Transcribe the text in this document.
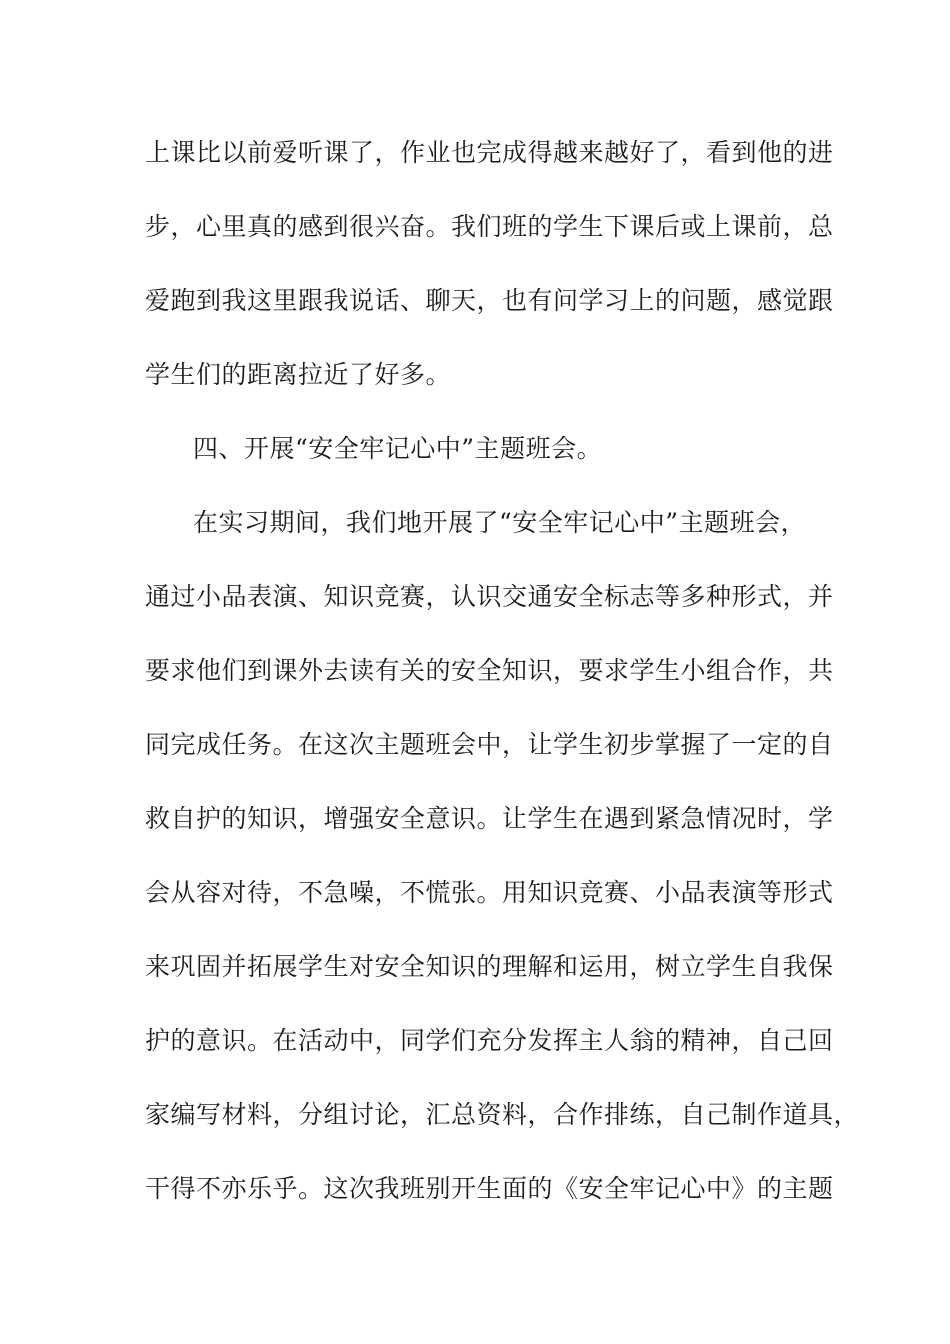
上课比以前爱听课了，作业也完成得越来越好了，看到他的进
步，心里真的感到很兴奋。我们班的学生下课后或上课前，总
爱跑到我这里跟我说话、聊天，也有问学习上的问题，感觉跟
学生们的距离拉近了好多。
四、开展“安全牢记心中”主题班会。
在实习期间，我们地开展了“安全牢记心中”主题班会，
通过小品表演、知识竞赛，认识交通安全标志等多种形式，并
要求他们到课外去读有关的安全知识，要求学生小组合作，共
同完成任务。在这次主题班会中，让学生初步掌握了一定的自
救自护的知识，增强安全意识。让学生在遇到紧急情况时，学
会从容对待，不急噪，不慌张。用知识竞赛、小品表演等形式
来巩固并拓展学生对安全知识的理解和运用，树立学生自我保
护的意识。在活动中，同学们充分发挥主人翁的精神，自己回
家编写材料，分组讨论，汇总资料，合作排练，自己制作道具，
干得不亦乐乎。这次我班别开生面的《安全牢记心中》的主题
